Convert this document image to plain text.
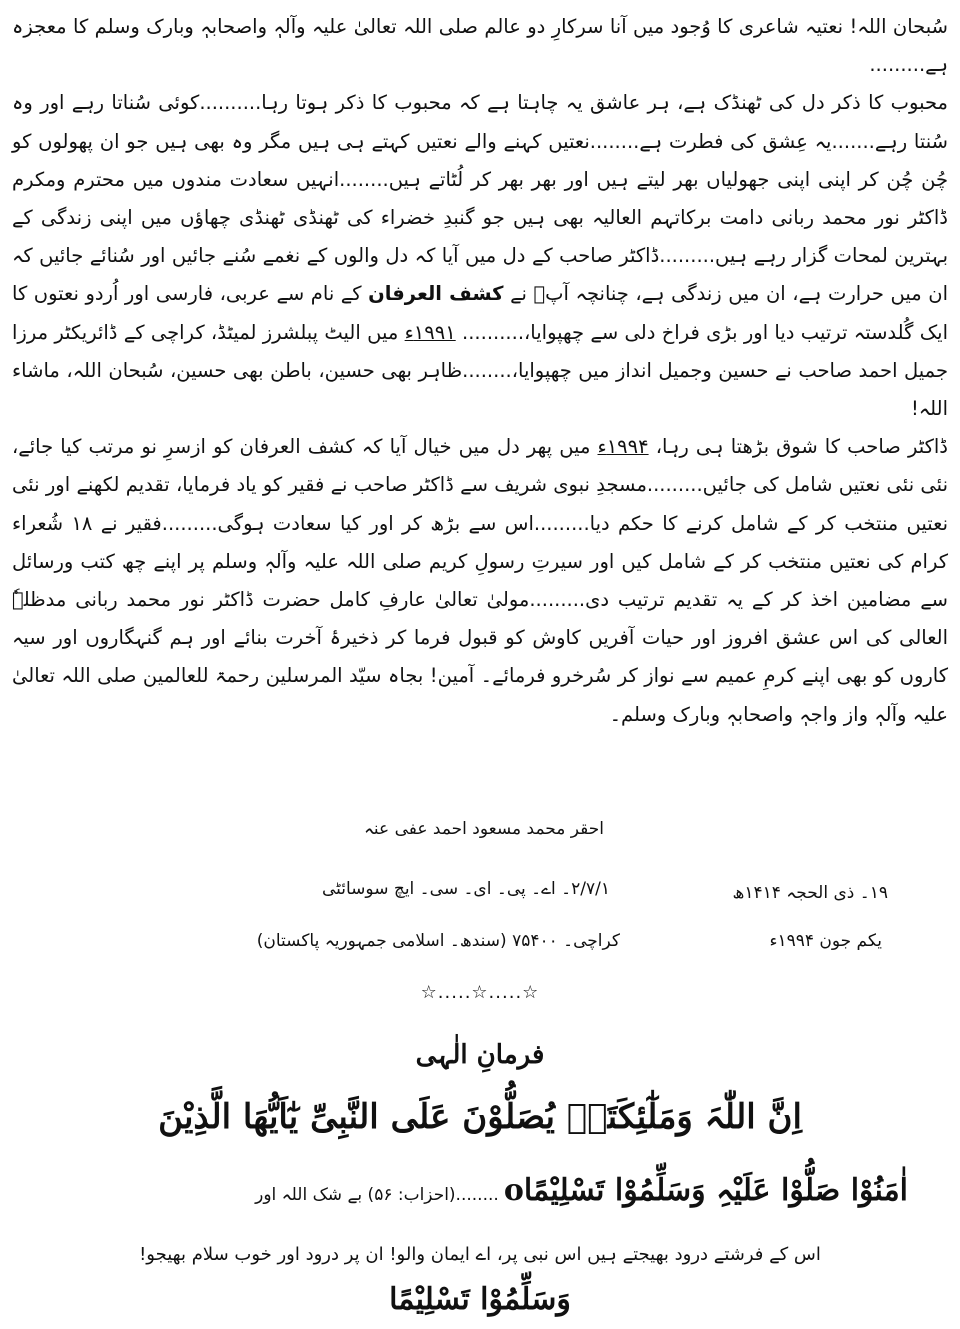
سُبحان اللہ! نعتیہ شاعری کا وُجود میں آنا سرکارِ دو عالم صلی اللہ تعالیٰ علیہ وآلہٖ واصحابہٖ وبارک وسلم کا معجزہ ہے.........
محبوب کا ذکر دل کی ٹھنڈک ہے، ہر عاشق یہ چاہتا ہے کہ محبوب کا ذکر ہوتا رہا..........کوئی سُناتا رہے اور وہ سُنتا رہے.......یہ عِشق کی فطرت ہے........نعتیں کہنے والے نعتیں کہتے ہی ہیں مگر وہ بھی ہیں جو ان پھولوں کو چُن چُن کر اپنی اپنی جھولیاں بھر لیتے ہیں اور بھر بھر کر لُٹاتے ہیں........انہیں سعادت مندوں میں محترم ومکرم ڈاکٹر نور محمد ربانی دامت برکاتہم العالیہ بھی ہیں جو گنبدِ خضراء کی ٹھنڈی ٹھنڈی چھاؤں میں اپنی زندگی کے بہترین لمحات گزار رہے ہیں.........ڈاکٹر صاحب کے دل میں آیا کہ دل والوں کے نغمے سُنے جائیں اور سُنائے جائیں کہ ان میں حرارت ہے، ان میں زندگی ہے، چنانچہ آپؒ نے کشف العرفان کے نام سے عربی، فارسی اور اُردو نعتوں کا ایک گُلدستہ ترتیب دیا اور بڑی فراخ دلی سے چھپوایا،.......... ۱۹۹۱ء میں الیٹ پبلشرز لمیٹڈ، کراچی کے ڈائریکٹر مرزا جمیل احمد صاحب نے حسین وجمیل انداز میں چھپوایا،........ظاہر بھی حسین، باطن بھی حسین، سُبحان اللہ، ماشاء اللہ!
ڈاکٹر صاحب کا شوق بڑھتا ہی رہا، ۱۹۹۴ء میں پھر دل میں خیال آیا کہ کشف العرفان کو ازسرِ نو مرتب کیا جائے، نئی نئی نعتیں شامل کی جائیں.........مسجدِ نبوی شریف سے ڈاکٹر صاحب نے فقیر کو یاد فرمایا، تقدیم لکھنے اور نئی نعتیں منتخب کر کے شامل کرنے کا حکم دیا.........اس سے بڑھ کر اور کیا سعادت ہوگی.........فقیر نے ۱۸ شُعراء کرام کی نعتیں منتخب کر کے شامل کیں اور سیرتِ رسولِ کریم صلی اللہ علیہ وآلہٖ وسلم پر اپنے چھ کتب ورسائل سے مضامین اخذ کر کے یہ تقدیم ترتیب دی.........مولیٰ تعالیٰ عارفِ کامل حضرت ڈاکٹر نور محمد ربانی مدظلہٗ العالی کی اس عشق افروز اور حیات آفریں کاوش کو قبول فرما کر ذخیرۂ آخرت بنائے اور ہم گنہگاروں اور سیہ کاروں کو بھی اپنے کرمِ عمیم سے نواز کر سُرخرو فرمائے۔ آمین! بجاہ سیّد المرسلین رحمۃ للعالمین صلی اللہ تعالیٰ علیہ وآلہٖ واز واجہٖ واصحابہٖ وبارک وسلم۔
احقر محمد مسعود احمد عفی عنہ
۲/۷/۱۔ اے۔ پی۔ ای۔ سی۔ ایچ سوسائٹی
کراچی۔ ۷۵۴۰۰ (سندھ۔ اسلامی جمہوریہ پاکستان)
۱۹۔ ذی الحجہ ۱۴۱۴ھ
یکم جون ۱۹۹۴ء
☆.....☆.....☆
فرمانِ الٰہی
اِنَّ اللّٰہَ وَمَلٰٓئِکَتَہٗ یُصَلُّوْنَ عَلَی النَّبِیِّ یٰٓاَیُّھَا الَّذِیْنَ
اٰمَنُوْا صَلُّوْا عَلَیْہِ وَسَلِّمُوْا تَسْلِیْمًاo ........(احزاب: ۵۶) بے شک اللہ اور
اس کے فرشتے درود بھیجتے ہیں اس نبی پر، اے ایمان والو! ان پر درود اور خوب سلام بھیجو!
وَسَلِّمُوْا تَسْلِیْمًا
